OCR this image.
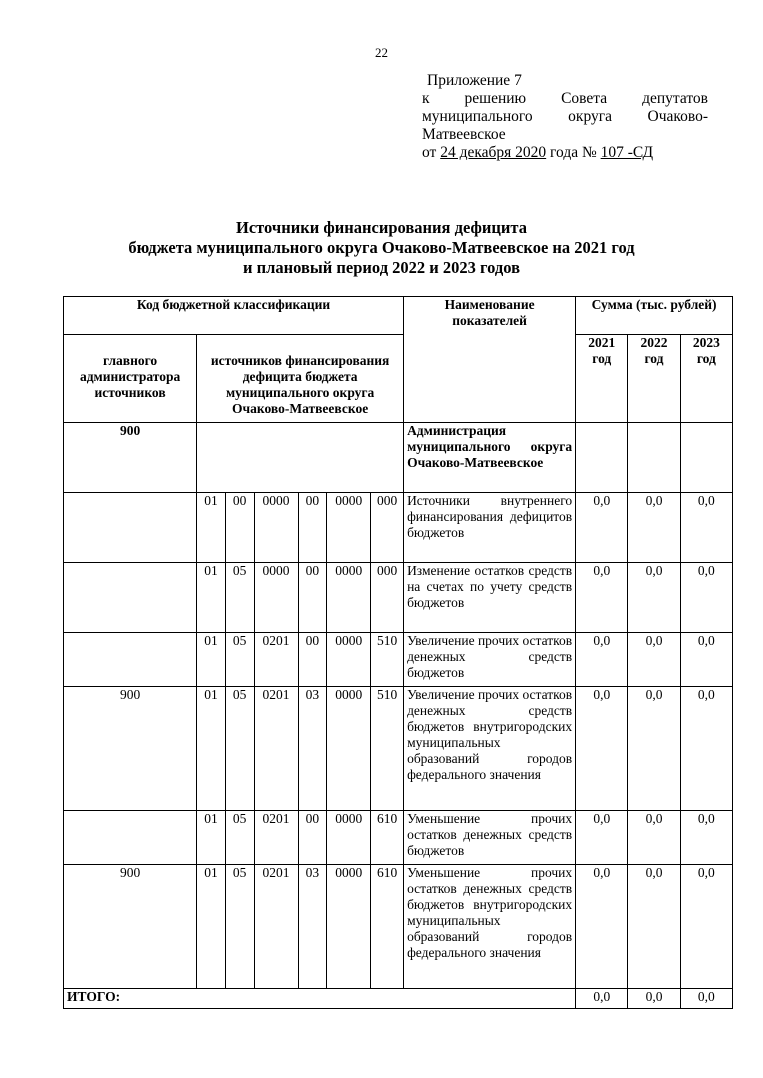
22
Приложение 7
к решению Совета депутатов
муниципального округа Очаково-
Матвеевское
от 24 декабря 2020 года № 107 -СД
Источники финансирования дефицита
бюджета муниципального округа Очаково-Матвеевское на 2021 год
и плановый период 2022 и 2023 годов
Код бюджетной классификации							Наименование показателей	Сумма (тыс. рублей)		
главного администратора источников	источников финансирования дефицита бюджета муниципального округа Очаково-Матвеевское							2021 год	2022 год	2023 год
900							Администрация муниципального округа Очаково-Матвеевское			

	01	00	0000	00	0000	000	Источники внутреннего финансирования дефицитов бюджетов	0,0	0,0	0,0
	01	05	0000	00	0000	000	Изменение остатков средств на счетах по учету средств бюджетов	0,0	0,0	0,0
	01	05	0201	00	0000	510	Увеличение прочих остатков денежных средств бюджетов	0,0	0,0	0,0
900	01	05	0201	03	0000	510	Увеличение прочих остатков денежных средств бюджетов внутригородских муниципальных образований городов федерального значения	0,0	0,0	0,0
	01	05	0201	00	0000	610	Уменьшение прочих остатков денежных средств бюджетов	0,0	0,0	0,0
900	01	05	0201	03	0000	610	Уменьшение прочих остатков денежных средств бюджетов внутригородских муниципальных образований городов федерального значения	0,0	0,0	0,0
ИТОГО:								0,0	0,0	0,0
